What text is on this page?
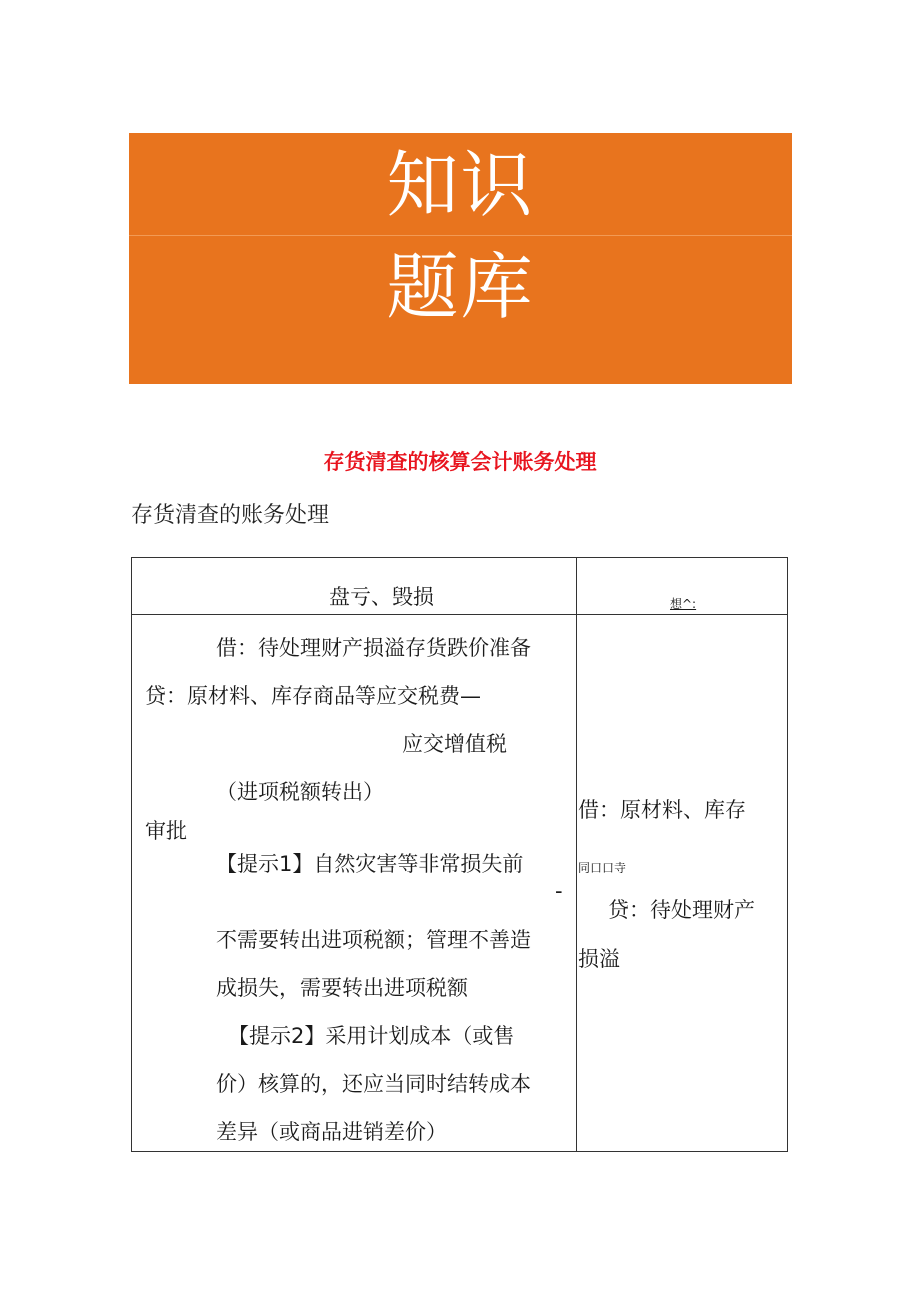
知识
题库
存货清查的核算会计账务处理
存货清查的账务处理
盘亏、毁损	想^:
借：待处理财产损溢存货跌价准备
贷：原材料、库存商品等应交税费—
应交增值税
（进项税额转出）
审批
【提示1】自然灾害等非常损失前
-
不需要转出进项税额；管理不善造
成损失，需要转出进项税额
【提示2】采用计划成本（或售
价）核算的，还应当同时结转成本
差异（或商品进销差价）
借：原材料、库存
同口口寺
贷：待处理财产
损溢
